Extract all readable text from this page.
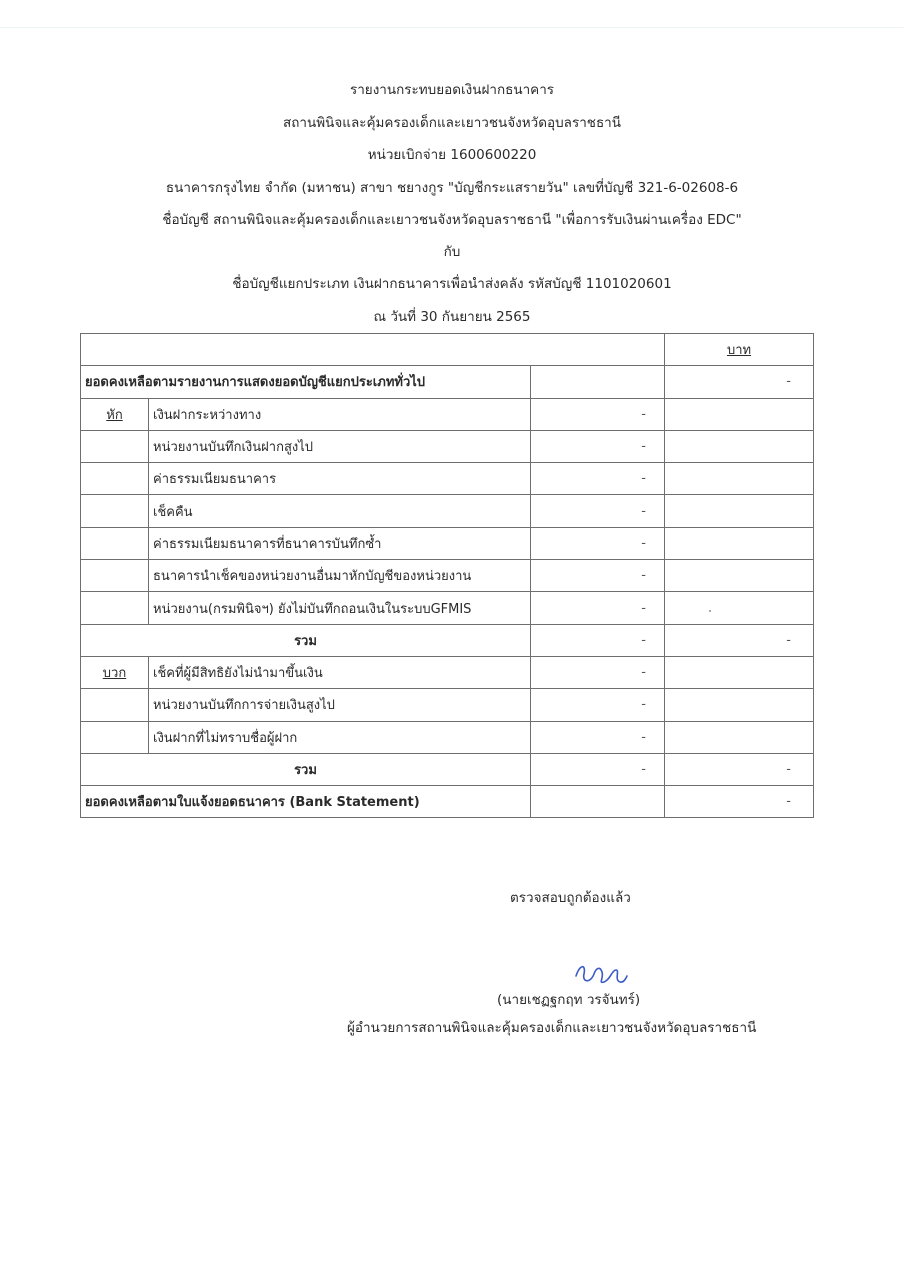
รายงานกระทบยอดเงินฝากธนาคาร
สถานพินิจและคุ้มครองเด็กและเยาวชนจังหวัดอุบลราชธานี
หน่วยเบิกจ่าย 1600600220
ธนาคารกรุงไทย จำกัด (มหาชน) สาขา ชยางกูร "บัญชีกระแสรายวัน" เลขที่บัญชี 321-6-02608-6
ชื่อบัญชี สถานพินิจและคุ้มครองเด็กและเยาวชนจังหวัดอุบลราชธานี "เพื่อการรับเงินผ่านเครื่อง EDC"
กับ
ชื่อบัญชีแยกประเภท เงินฝากธนาคารเพื่อนำส่งคลัง รหัสบัญชี 1101020601
ณ วันที่ 30 กันยายน 2565
			บาท
ยอดคงเหลือตามรายงานการแสดงยอดบัญชีแยกประเภททั่วไป			-
หัก	เงินฝากระหว่างทาง	-	
	หน่วยงานบันทึกเงินฝากสูงไป	-	
	ค่าธรรมเนียมธนาคาร	-	
	เช็คคืน	-	
	ค่าธรรมเนียมธนาคารที่ธนาคารบันทึกซ้ำ	-	
	ธนาคารนำเช็คของหน่วยงานอื่นมาหักบัญชีของหน่วยงาน	-	
	หน่วยงาน(กรมพินิจฯ) ยังไม่บันทึกถอนเงินในระบบGFMIS	-	
รวม		-	-
บวก	เช็คที่ผู้มีสิทธิยังไม่นำมาขึ้นเงิน	-	
	หน่วยงานบันทึกการจ่ายเงินสูงไป	-	
	เงินฝากที่ไม่ทราบชื่อผู้ฝาก	-	
รวม		-	-
ยอดคงเหลือตามใบแจ้งยอดธนาคาร (Bank Statement)			-
ตรวจสอบถูกต้องแล้ว
(นายเชฏฐกฤท วรจันทร์)
ผู้อำนวยการสถานพินิจและคุ้มครองเด็กและเยาวชนจังหวัดอุบลราชธานี
